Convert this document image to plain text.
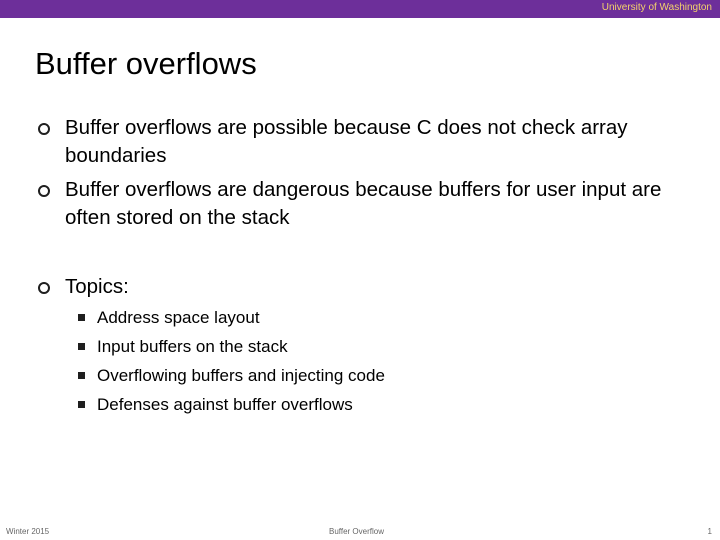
University of Washington
Buffer overflows
Buffer overflows are possible because C does not check array boundaries
Buffer overflows are dangerous because buffers for user input are often stored on the stack
Topics:
Address space layout
Input buffers on the stack
Overflowing buffers and injecting code
Defenses against buffer overflows
Winter 2015	Buffer Overflow	1
